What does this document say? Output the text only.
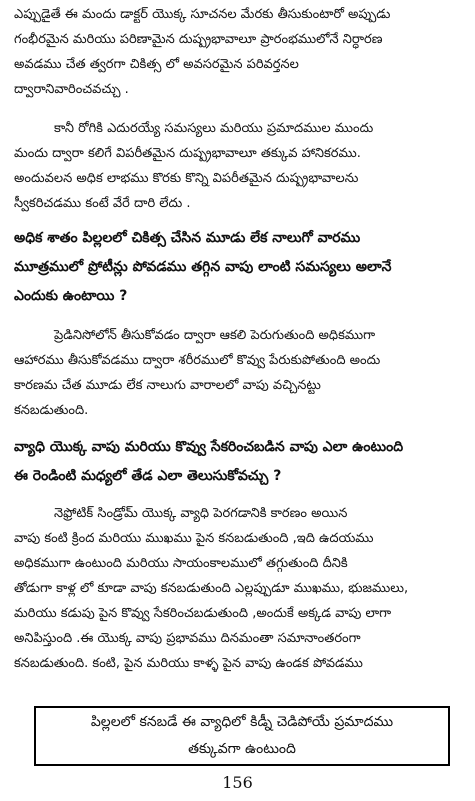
ఎప్పుడైతే ఈ మందు డాక్టర్ యొక్క సూచనల మేరకు తీసుకుంటారో అప్పుడు
గంభీరమైన మరియు పరిణామైన దుష్ప్రభావాలూ ప్రారంభములోనే నిర్ధారణ
అవడము చేత త్వరగా చికిత్స లో అవసరమైన పరివర్తనల
ద్వారానివారించవచ్చు .
కానీ రోగికి ఎదురయ్యే సమస్యలు మరియు ప్రమాదముల ముందు
మందు ద్వారా కలిగే విపరీతమైన దుష్ప్రభావాలూ తక్కువ హానికరము.
అందువలన అధిక లాభము కొరకు కొన్ని విపరీతమైన దుష్ప్రభావాలను
స్వీకరిచడము కంటే వేరే దారి లేదు .
అధిక శాతం పిల్లలలో చికిత్స చేసిన మూడు లేక నాలుగో వారము
మూత్రములో ప్రోటీన్లు పోవడము తగ్గిన వాపు లాంటి సమస్యలు అలానే
ఎందుకు ఉంటాయి ?
ప్రెడినిసోలోన్ తీసుకోవడం ద్వారా ఆకలి పెరుగుతుంది అధికముగా
ఆహారము తీసుకోవడము ద్వారా శరీరములో కొవ్వు పేరుకుపోతుంది అందు
కారణమ చేత మూడు లేక నాలుగు వారాలలో వాపు వచ్చినట్టు
కనబడుతుంది.
వ్యాధి యొక్క వాపు మరియు కొవ్వు సేకరించబడిన వాపు ఎలా ఉంటుంది
ఈ రెండింటి మధ్యలో తేడ ఎలా తెలుసుకోవచ్చు ?
నెఫ్రోటిక్ సిండ్రోమ్ యొక్క వ్యాధి పెరగడానికి కారణం అయిన
వాపు కంటి క్రింద మరియు ముఖము పైన కనబడుతుంది ,ఇది ఉదయము
అధికముగా ఉంటుంది మరియు సాయంకాలములో తగ్గుతుంది దీనికి
తోడుగా కాళ్ల లో కూడా వాపు కనబడుతుంది ఎల్లప్పుడూ ముఖము, భుజములు,
మరియు కడుపు పైన కొవ్వు సేకరించబడుతుంది ,అందుకే అక్కడ వాపు లాగా
అనిపిస్తుంది .ఈ యొక్క వాపు ప్రభావము దినమంతా సమానాంతరంగా
కనబడుతుంది. కంటి, పైన మరియు కాళ్ళ పైన వాపు ఉండక పోవడము
పిల్లలలో కనబడే ఈ వ్యాధిలో కిడ్నీ చెడిపోయే ప్రమాదము
తక్కువగా ఉంటుంది
156
